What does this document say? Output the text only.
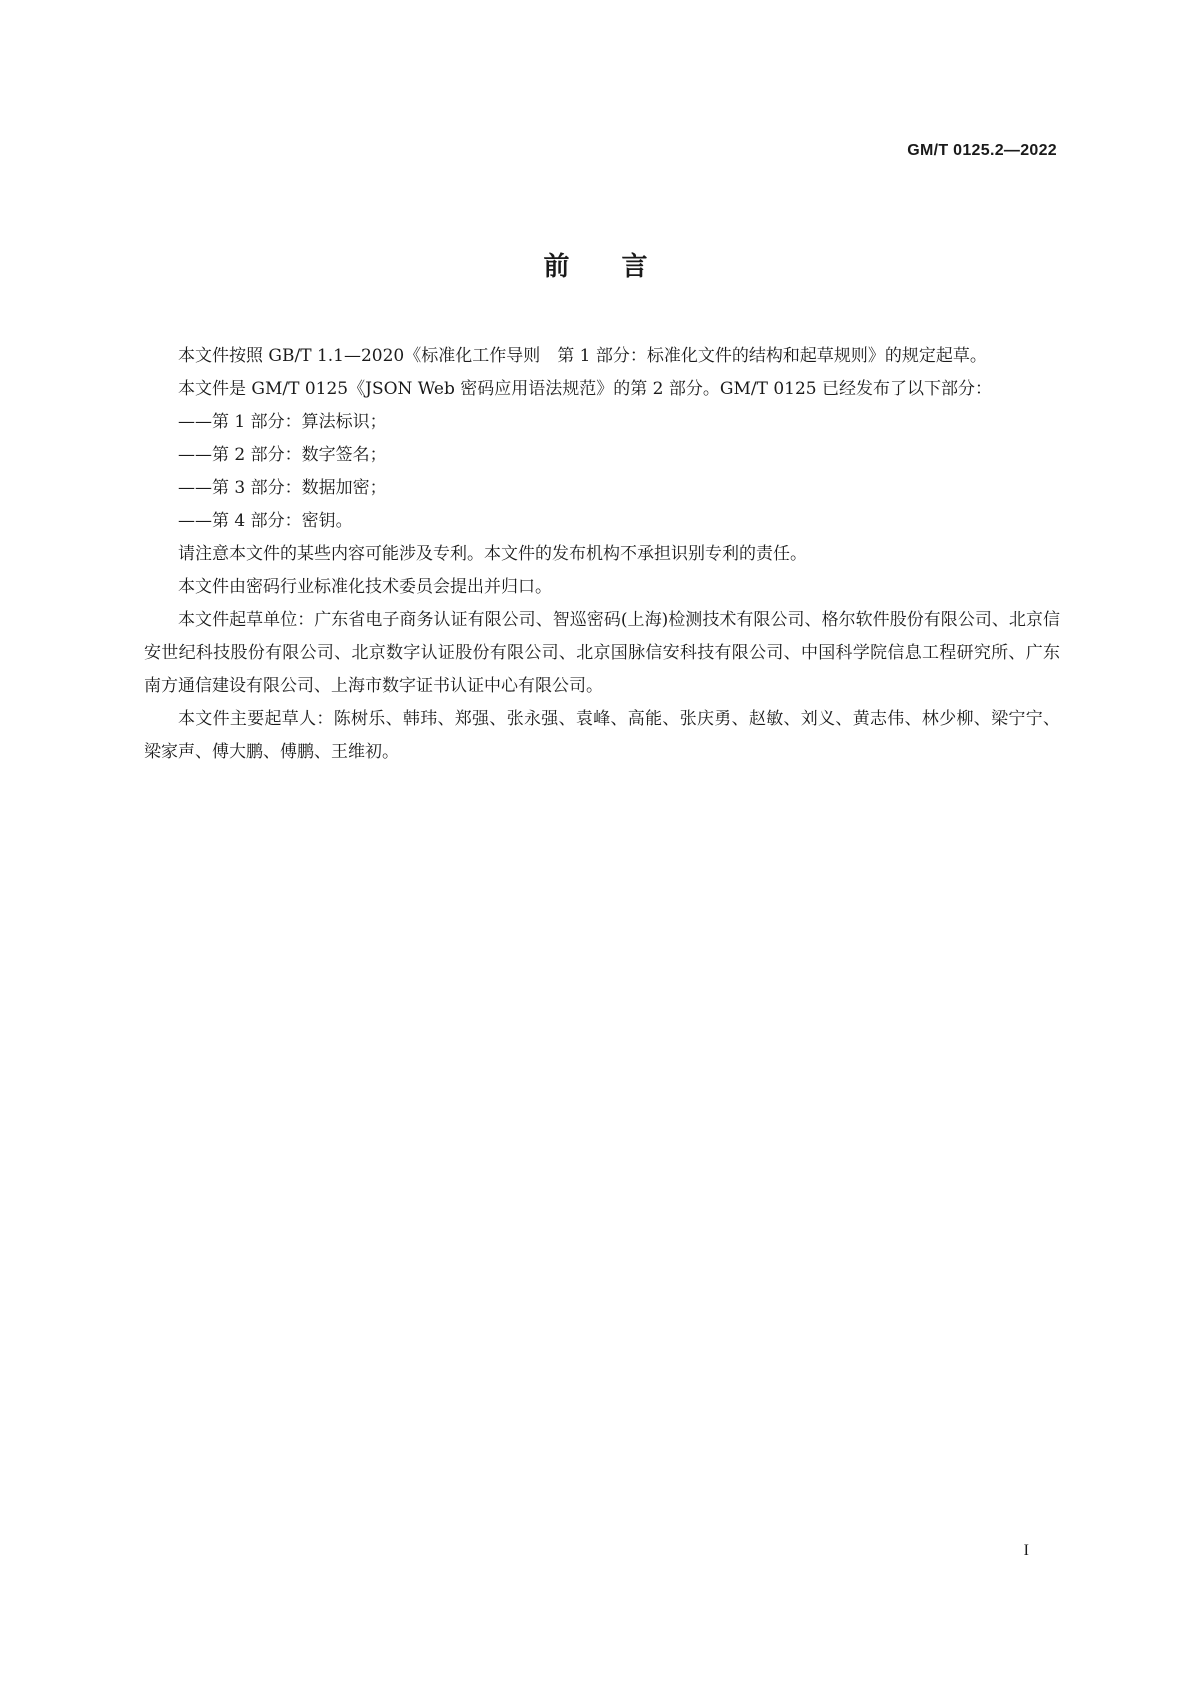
GM/T 0125.2—2022
前言

本文件按照 GB/T 1.1—2020《标准化工作导则　第 1 部分：标准化文件的结构和起草规则》的规定起草。

本文件是 GM/T 0125《JSON Web 密码应用语法规范》的第 2 部分。GM/T 0125 已经发布了以下部分：

——第 1 部分：算法标识；

——第 2 部分：数字签名；

——第 3 部分：数据加密；

——第 4 部分：密钥。

请注意本文件的某些内容可能涉及专利。本文件的发布机构不承担识别专利的责任。

本文件由密码行业标准化技术委员会提出并归口。

本文件起草单位：广东省电子商务认证有限公司、智巡密码(上海)检测技术有限公司、格尔软件股份有限公司、北京信安世纪科技股份有限公司、北京数字认证股份有限公司、北京国脉信安科技有限公司、中国科学院信息工程研究所、广东南方通信建设有限公司、上海市数字证书认证中心有限公司。

本文件主要起草人：陈树乐、韩玮、郑强、张永强、袁峰、高能、张庆勇、赵敏、刘义、黄志伟、林少柳、梁宁宁、梁家声、傅大鹏、傅鹏、王维初。

I
